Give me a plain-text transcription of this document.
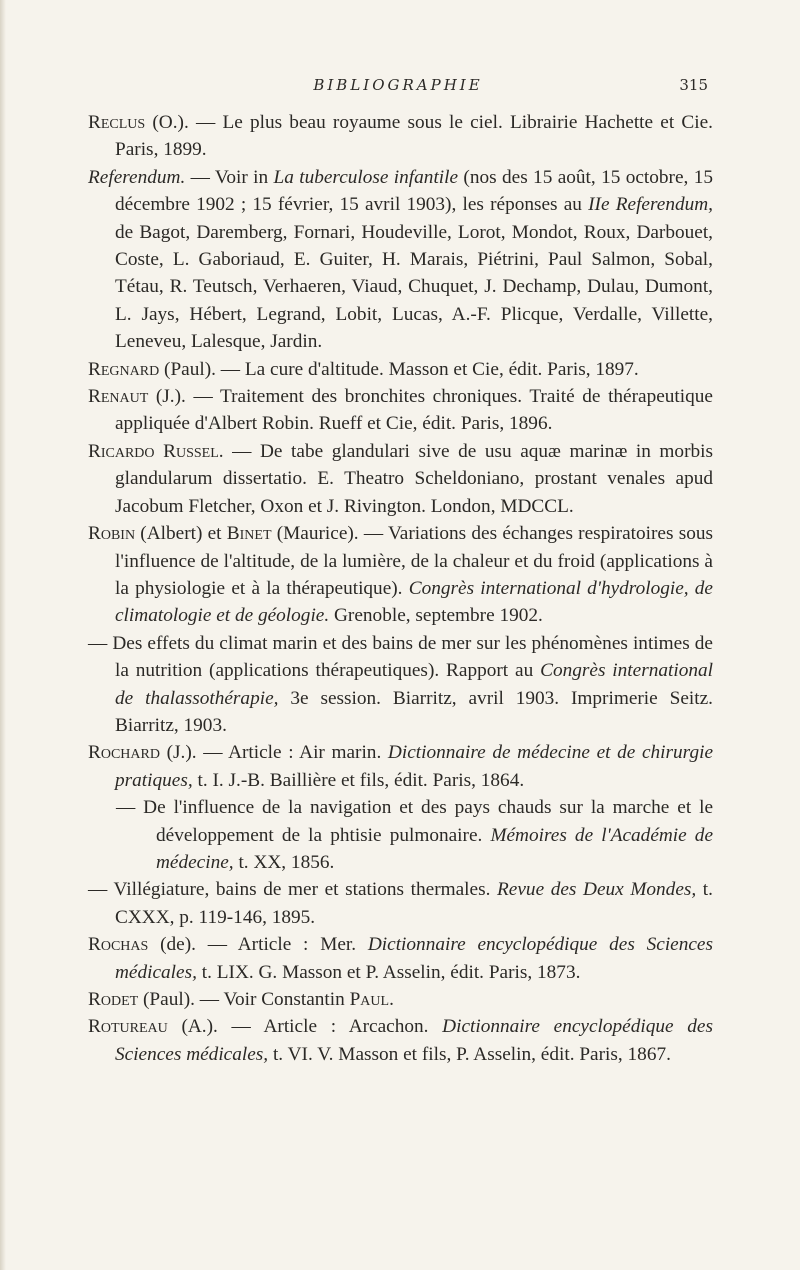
BIBLIOGRAPHIE	315

Reclus (O.). — Le plus beau royaume sous le ciel. Librairie Hachette et Cie. Paris, 1899.

Referendum. — Voir in La tuberculose infantile (nos des 15 août, 15 octobre, 15 décembre 1902 ; 15 février, 15 avril 1903), les réponses au IIe Referendum, de Bagot, Daremberg, Fornari, Houdeville, Lorot, Mondot, Roux, Darbouet, Coste, L. Gaboriaud, E. Guiter, H. Marais, Piétrini, Paul Salmon, Sobal, Tétau, R. Teutsch, Verhaeren, Viaud, Chuquet, J. Dechamp, Dulau, Dumont, L. Jays, Hébert, Legrand, Lobit, Lucas, A.-F. Plicque, Verdalle, Villette, Leneveu, Lalesque, Jardin.

Regnard (Paul). — La cure d'altitude. Masson et Cie, édit. Paris, 1897.

Renaut (J.). — Traitement des bronchites chroniques. Traité de thérapeutique appliquée d'Albert Robin. Rueff et Cie, édit. Paris, 1896.

Ricardo Russel. — De tabe glandulari sive de usu aquæ marinæ in morbis glandularum dissertatio. E. Theatro Scheldoniano, prostant venales apud Jacobum Fletcher, Oxon et J. Rivington. London, MDCCL.

Robin (Albert) et Binet (Maurice). — Variations des échanges respiratoires sous l'influence de l'altitude, de la lumière, de la chaleur et du froid (applications à la physiologie et à la thérapeutique). Congrès international d'hydrologie, de climatologie et de géologie. Grenoble, septembre 1902.

— Des effets du climat marin et des bains de mer sur les phénomènes intimes de la nutrition (applications thérapeutiques). Rapport au Congrès international de thalassothérapie, 3e session. Biarritz, avril 1903. Imprimerie Seitz. Biarritz, 1903.

Rochard (J.). — Article : Air marin. Dictionnaire de médecine et de chirurgie pratiques, t. I. J.-B. Baillière et fils, édit. Paris, 1864.

— De l'influence de la navigation et des pays chauds sur la marche et le développement de la phtisie pulmonaire. Mémoires de l'Académie de médecine, t. XX, 1856.

— Villégiature, bains de mer et stations thermales. Revue des Deux Mondes, t. CXXX, p. 119-146, 1895.

Rochas (de). — Article : Mer. Dictionnaire encyclopédique des Sciences médicales, t. LIX. G. Masson et P. Asselin, édit. Paris, 1873.

Rodet (Paul). — Voir Constantin Paul.

Rotureau (A.). — Article : Arcachon. Dictionnaire encyclopédique des Sciences médicales, t. VI. V. Masson et fils, P. Asselin, édit. Paris, 1867.
